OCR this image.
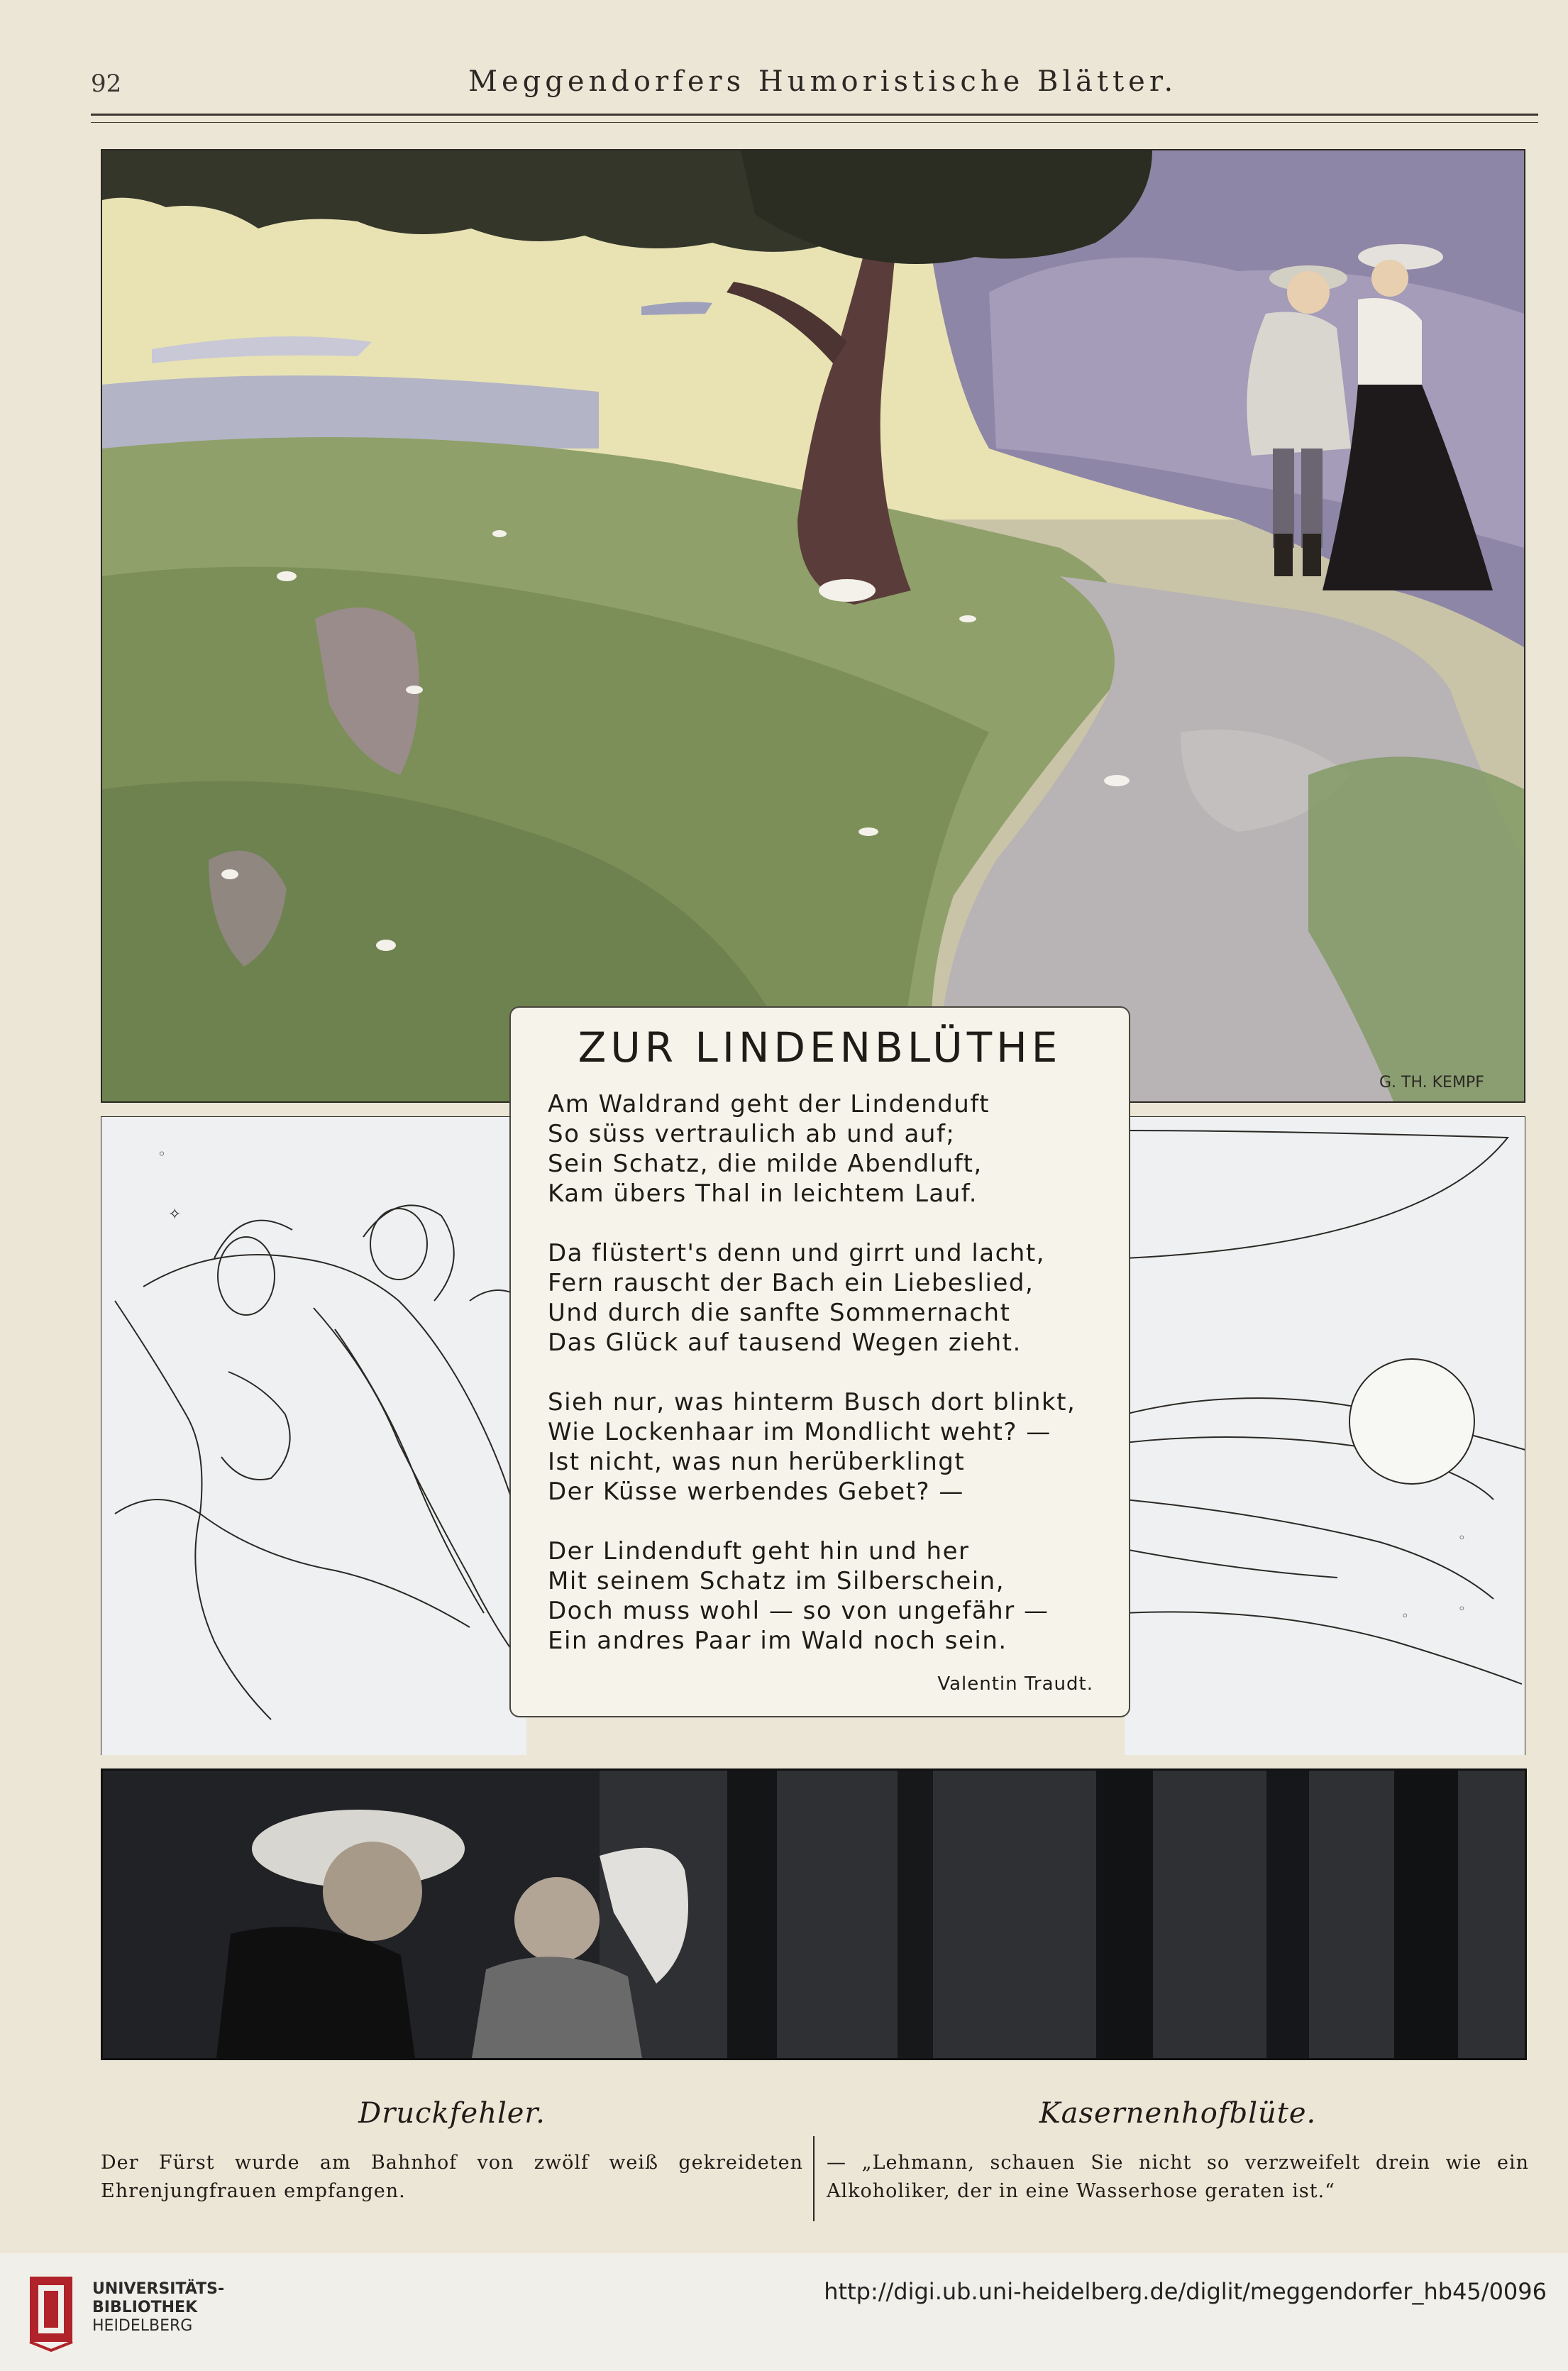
92	Meggendorfers Humoristische Blätter.
G. TH. KEMPF
◦
✧
◦
◦	◦
ZUR LINDENBLÜTHE
Am Waldrand geht der Lindenduft
So süss vertraulich ab und auf;
Sein Schatz, die milde Abendluft,
Kam übers Thal in leichtem Lauf.
Da flüstert's denn und girrt und lacht,
Fern rauscht der Bach ein Liebeslied,
Und durch die sanfte Sommernacht
Das Glück auf tausend Wegen zieht.
Sieh nur, was hinterm Busch dort blinkt,
Wie Lockenhaar im Mondlicht weht? —
Ist nicht, was nun herüberklingt
Der Küsse werbendes Gebet? —
Der Lindenduft geht hin und her
Mit seinem Schatz im Silberschein,
Doch muss wohl — so von ungefähr —
Ein andres Paar im Wald noch sein.
Valentin Traudt.
Druckfehler.
Der Fürst wurde am Bahnhof von zwölf weiß gekreideten Ehrenjungfrauen empfangen.
Kasernenhofblüte.
— „Lehmann, schauen Sie nicht so verzweifelt drein wie ein Alkoholiker, der in eine Wasserhose geraten ist.“
UNIVERSITÄTS-
BIBLIOTHEK
HEIDELBERG
http://digi.ub.uni-heidelberg.de/diglit/meggendorfer_hb45/0096
